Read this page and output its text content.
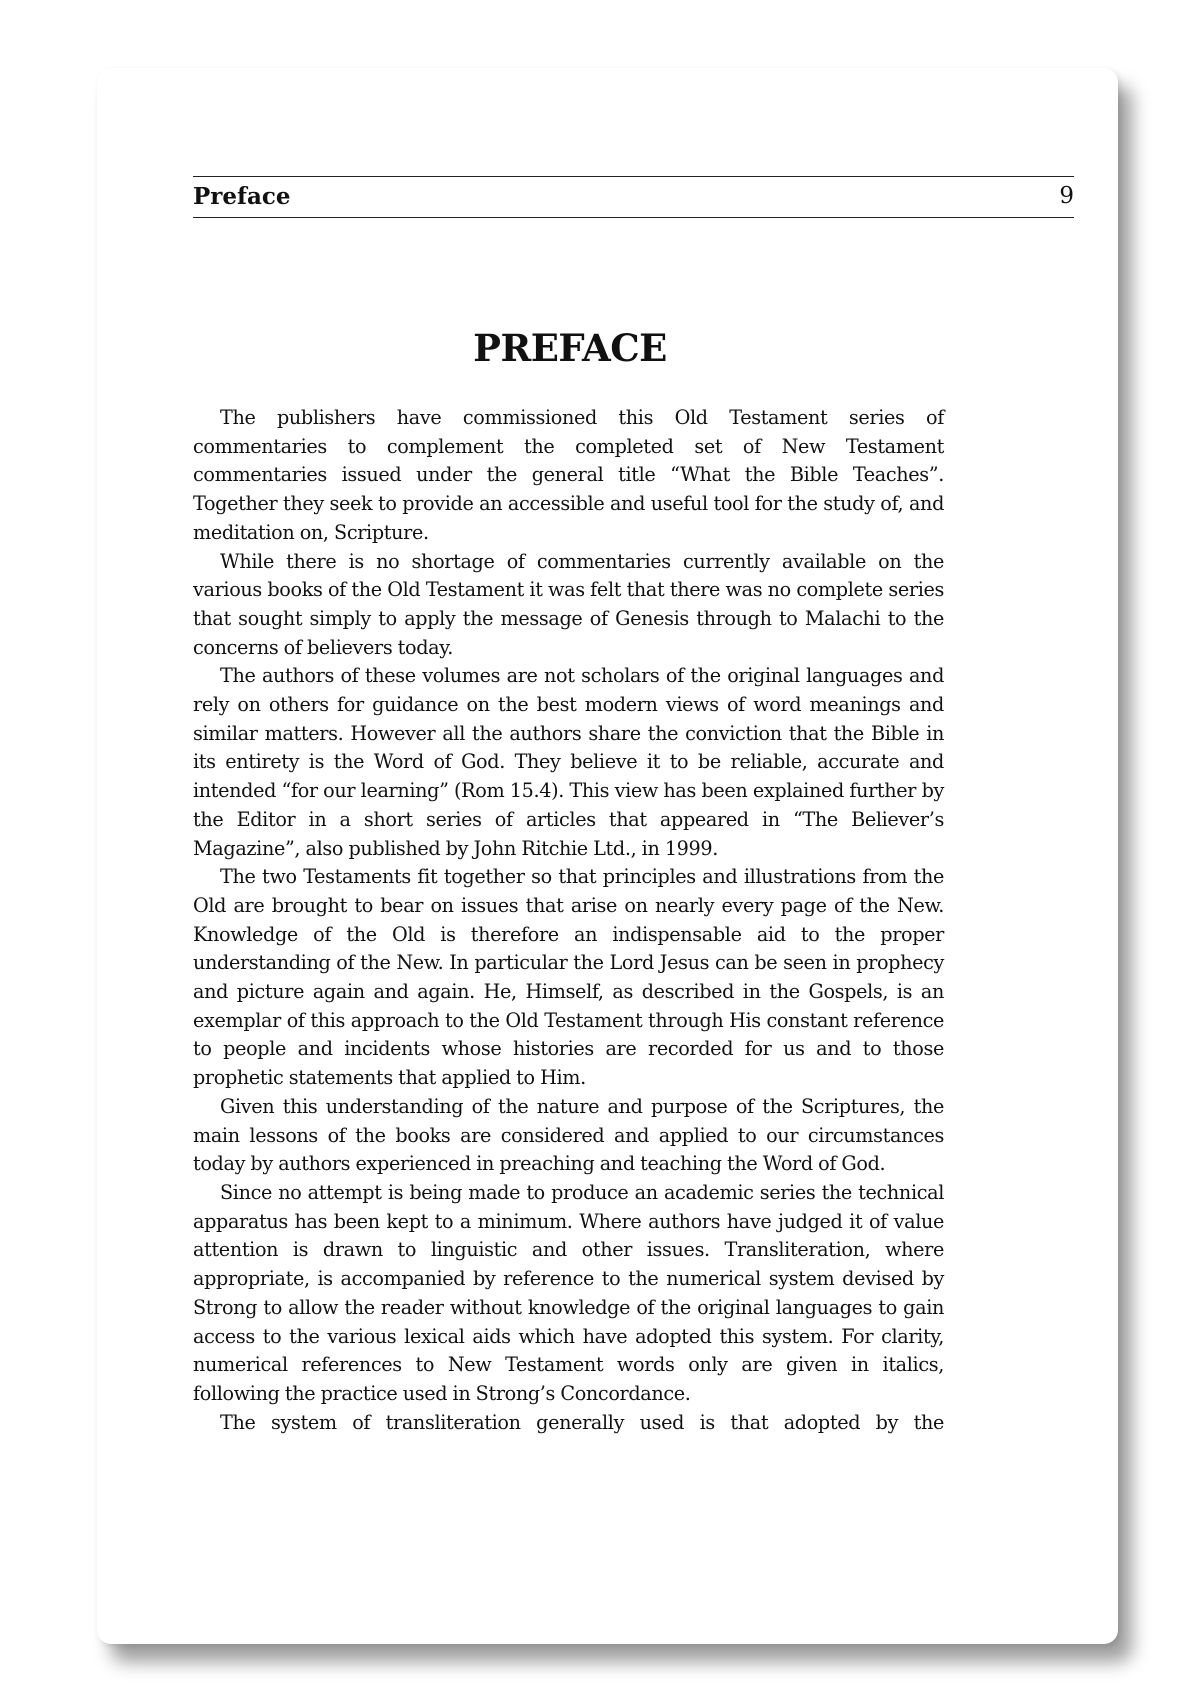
Preface	9
PREFACE

The publishers have commissioned this Old Testament series of commentaries to complement the completed set of New Testament commentaries issued under the general title “What the Bible Teaches”. Together they seek to provide an accessible and useful tool for the study of, and meditation on, Scripture.

While there is no shortage of commentaries currently available on the various books of the Old Testament it was felt that there was no complete series that sought simply to apply the message of Genesis through to Malachi to the concerns of believers today.

The authors of these volumes are not scholars of the original languages and rely on others for guidance on the best modern views of word meanings and similar matters. However all the authors share the conviction that the Bible in its entirety is the Word of God. They believe it to be reliable, accurate and intended “for our learning” (Rom 15.4). This view has been explained further by the Editor in a short series of articles that appeared in “The Believer’s Magazine”, also published by John Ritchie Ltd., in 1999.

The two Testaments fit together so that principles and illustrations from the Old are brought to bear on issues that arise on nearly every page of the New. Knowledge of the Old is therefore an indispensable aid to the proper understanding of the New. In particular the Lord Jesus can be seen in prophecy and picture again and again. He, Himself, as described in the Gospels, is an exemplar of this approach to the Old Testament through His constant reference to people and incidents whose histories are recorded for us and to those prophetic statements that applied to Him.

Given this understanding of the nature and purpose of the Scriptures, the main lessons of the books are considered and applied to our circumstances today by authors experienced in preaching and teaching the Word of God.

Since no attempt is being made to produce an academic series the technical apparatus has been kept to a minimum. Where authors have judged it of value attention is drawn to linguistic and other issues. Transliteration, where appropriate, is accompanied by reference to the numerical system devised by Strong to allow the reader without knowledge of the original languages to gain access to the various lexical aids which have adopted this system. For clarity, numerical references to New Testament words only are given in italics, following the practice used in Strong’s Concordance.

The system of transliteration generally used is that adopted by the
